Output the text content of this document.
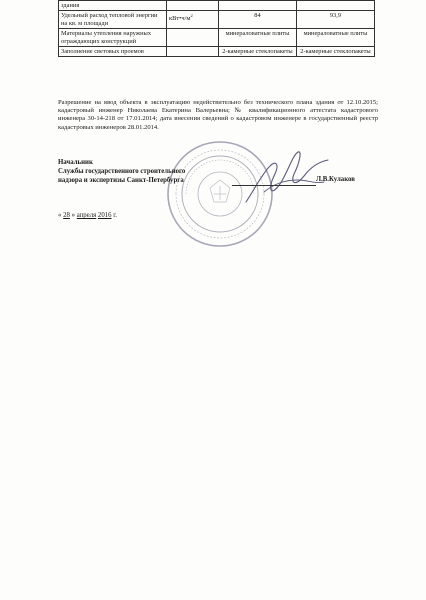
здания			
Удельный расход тепловой энергии на кв. м площади	$кВт•ч/м^2$	84	93,9
Материалы утепления наружных ограждающих конструкций		минераловатные плиты	минераловатные плиты
Заполнение световых проемов		2-камерные стеклопакеты	2-камерные стеклопакеты
Разрешение на ввод объекта в эксплуатацию недействительно без технического плана здания от 12.10.2015; кадастровый инженер Николаева Екатерина Валерьевна; № квалификационного аттестата кадастрового инженера 30-14-218 от 17.01.2014; дата внесения сведений о кадастровом инженере в государственный реестр кадастровых инженеров 28.01.2014.
Начальник
Службы государственного строительного
надзора и экспертизы Санкт-Петербурга	Л.В.Кулаков
« 28 » апреля 2016 г.
